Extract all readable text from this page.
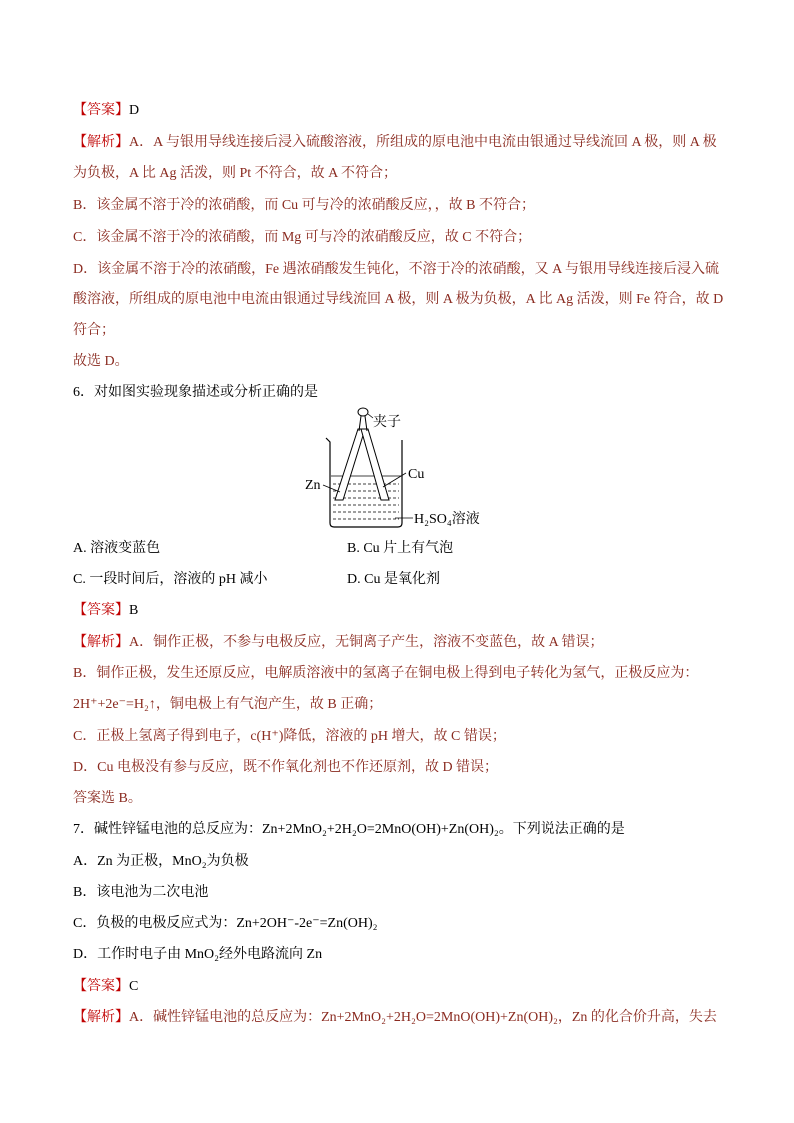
【答案】D
【解析】A．A 与银用导线连接后浸入硫酸溶液，所组成的原电池中电流由银通过导线流回 A 极，则 A 极
为负极，A 比 Ag 活泼，则 Pt 不符合，故 A 不符合；
B．该金属不溶于冷的浓硝酸，而 Cu 可与冷的浓硝酸反应，，故 B 不符合；
C．该金属不溶于冷的浓硝酸，而 Mg 可与冷的浓硝酸反应，故 C 不符合；
D．该金属不溶于冷的浓硝酸，Fe 遇浓硝酸发生钝化，不溶于冷的浓硝酸，又 A 与银用导线连接后浸入硫
酸溶液，所组成的原电池中电流由银通过导线流回 A 极，则 A 极为负极，A 比 Ag 活泼，则 Fe 符合，故 D
符合；
故选 D。
6．对如图实验现象描述或分析正确的是
夹子
Cu
Zn
H₂SO₄溶液
A. 溶液变蓝色	B. Cu 片上有气泡
C. 一段时间后，溶液的 pH 减小	D. Cu 是氧化剂
【答案】B
【解析】A．铜作正极，不参与电极反应，无铜离子产生，溶液不变蓝色，故 A 错误；
B．铜作正极，发生还原反应，电解质溶液中的氢离子在铜电极上得到电子转化为氢气，正极反应为：
2H⁺+2e⁻=H₂↑，铜电极上有气泡产生，故 B 正确；
C．正极上氢离子得到电子，c(H⁺)降低，溶液的 pH 增大，故 C 错误；
D．Cu 电极没有参与反应，既不作氧化剂也不作还原剂，故 D 错误；
答案选 B。
7．碱性锌锰电池的总反应为：Zn+2MnO₂+2H₂O=2MnO(OH)+Zn(OH)₂。下列说法正确的是
A．Zn 为正极，MnO₂为负极
B．该电池为二次电池
C．负极的电极反应式为：Zn+2OH⁻-2e⁻=Zn(OH)₂
D．工作时电子由 MnO₂经外电路流向 Zn
【答案】C
【解析】A．碱性锌锰电池的总反应为：Zn+2MnO₂+2H₂O=2MnO(OH)+Zn(OH)₂，Zn 的化合价升高，失去
